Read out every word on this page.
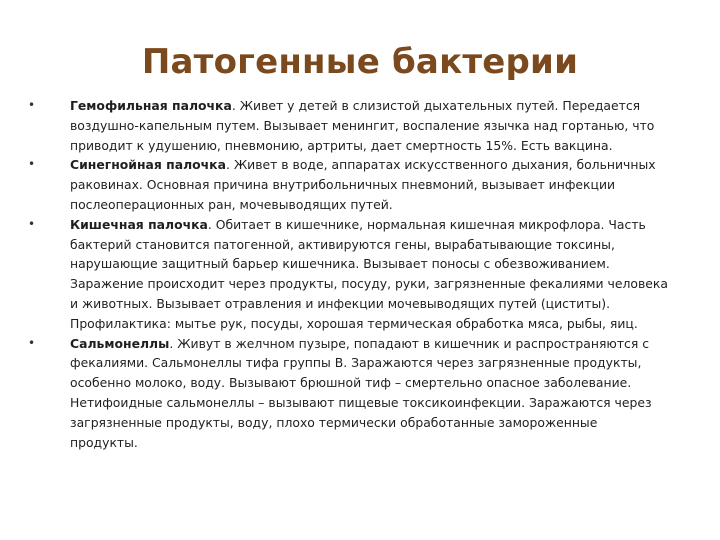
Патогенные бактерии
•	Гемофильная палочка. Живет у детей в слизистой дыхательных путей. Передается воздушно-капельным путем. Вызывает менингит, воспаление язычка над гортанью, что приводит к удушению, пневмонию, артриты, дает смертность 15%. Есть вакцина.
•	Синегнойная палочка. Живет в воде, аппаратах искусственного дыхания, больничных раковинах. Основная причина внутрибольничных пневмоний, вызывает инфекции послеоперационных ран, мочевыводящих путей.
•	Кишечная палочка. Обитает в кишечнике, нормальная кишечная микрофлора. Часть бактерий становится патогенной, активируются гены, вырабатывающие токсины, нарушающие защитный барьер кишечника. Вызывает поносы с обезвоживанием. Заражение происходит через продукты, посуду, руки, загрязненные фекалиями человека и животных. Вызывает отравления и инфекции мочевыводящих путей (циститы). Профилактика: мытье рук, посуды, хорошая термическая обработка мяса, рыбы, яиц.
•	Сальмонеллы. Живут в желчном пузыре, попадают в кишечник и распространяются с фекалиями. Сальмонеллы тифа группы В. Заражаются через загрязненные продукты, особенно молоко, воду. Вызывают брюшной тиф – смертельно опасное заболевание. Нетифоидные сальмонеллы – вызывают пищевые токсикоинфекции. Заражаются через загрязненные продукты, воду, плохо термически обработанные замороженные продукты.
